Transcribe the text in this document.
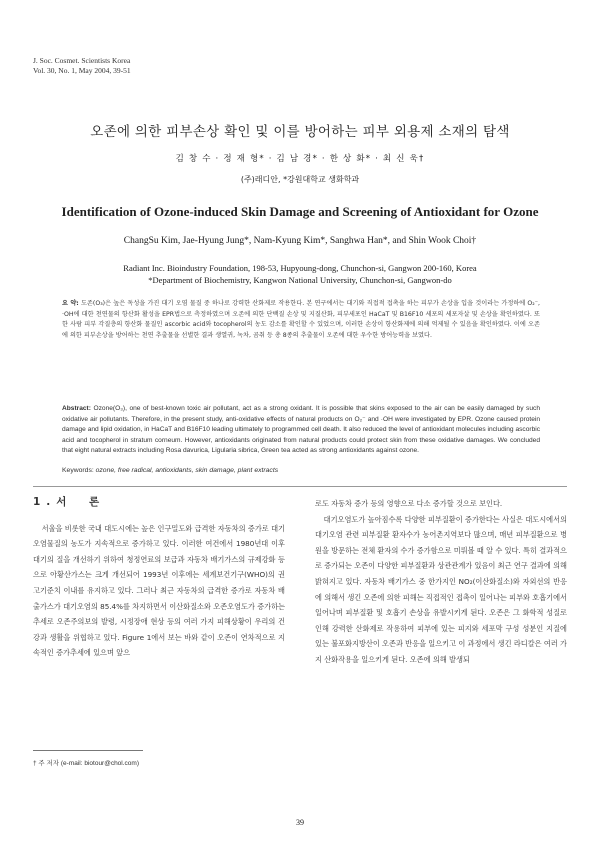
J. Soc. Cosmet. Scientists Korea
Vol. 30, No. 1, May 2004, 39-51
오존에 의한 피부손상 확인 및 이를 방어하는 피부 외용제 소재의 탐색
김 창 수 · 정 재 형* · 김 남 경* · 한 상 화* · 최 신 욱†
(주)래디안, *강원대학교 생화학과
Identification of Ozone-induced Skin Damage and Screening of Antioxidant for Ozone
ChangSu Kim, Jae-Hyung Jung*, Nam-Kyung Kim*, Sanghwa Han*, and Shin Wook Choi†
Radiant Inc. Bioindustry Foundation, 198-53, Hupyoung-dong, Chunchon-si, Gangwon 200-160, Korea
*Department of Biochemistry, Kangwon National University, Chunchon-si, Gangwon-do
요 약: 도존(O₃)은 높은 독성을 가진 대기 오염 물질 중 하나로 강력한 산화제로 작용한다. 본 연구에서는 대기와 직접적 접촉을 하는 피부가 손상을 입을 것이라는 가정하에 O₂⁻, ·OH에 대한 천연물의 항산화 활성을 EPR법으로 측정하였으며 오존에 의한 단백질 손상 및 지질산화, 피부세포인 HaCaT 및 B16F10 세포의 세포자살 및 손상을 확인하였다. 또한 사람 피부 각질층의 항산화 물질인 ascorbic acid와 tocopherol의 농도 감소를 확인할 수 있었으며, 이러한 손상이 항산화제에 의해 억제될 수 있음을 확인하였다. 이에 오존에 의한 피부손상을 방어하는 천연 추출물을 선별한 결과 생열귀, 녹차, 곰취 등 총 8종의 추출물이 오존에 대한 우수한 방어능력을 보였다.
Abstract: Ozone(O₃), one of best-known toxic air pollutant, act as a strong oxidant. It is possible that skins exposed to the air can be easily damaged by such oxidative air pollutants. Therefore, in the present study, anti-oxidative effects of natural products on O₂⁻ and ·OH were investigated by EPR. Ozone caused protein damage and lipid oxidation, in HaCaT and B16F10 leading ultimately to programmed cell death. It also reduced the level of antioxidant molecules including ascorbic acid and tocopherol in stratum corneum. However, antioxidants originated from natural products could protect skin from these oxidative damages. We concluded that eight natural extracts including Rosa davurica, Ligularia sibrica, Green tea acted as strong antioxidants against ozone.
Keywords: ozone, free radical, antioxidants, skin damage, plant extracts
1.서　론

서울을 비롯한 국내 대도시에는 높은 인구밀도와 급격한 자동차의 증가로 대기 오염물질의 농도가 지속적으로 증가하고 있다. 이러한 여건에서 1980년대 이후 대기의 질을 개선하기 위하여 청정연료의 보급과 자동차 배기가스의 규제강화 등으로 아황산가스는 크게 개선되어 1993년 이후에는 세계보건기구(WHO)의 권고기준치 이내를 유지하고 있다. 그러나 최근 자동차의 급격한 증가로 자동차 배출가스가 대기오염의 85.4%를 차지하면서 이산화질소와 오존오염도가 증가하는 추세로 오존주의보의 발령, 시정장애 현상 등의 여러 가지 피해상황이 우리의 건강과 생활을 위협하고 있다. Figure 1에서 보는 바와 같이 오존이 연차적으로 지속적인 증가추세에 있으며 앞으

로도 자동차 증가 등의 영향으로 다소 증가할 것으로 보인다.

대기오염도가 높아짐수록 다양한 피부질환이 증가한다는 사실은 대도시에서의 대기오염 관련 피부질환 환자수가 농어촌지역보다 많으며, 매년 피부질환으로 병원을 방문하는 전체 환자의 수가 증가함으로 미뤄볼 때 알 수 있다. 특히 결과적으로 증가되는 오존이 다양한 피부질환과 상관관계가 있음이 최근 연구 결과에 의해 밝혀지고 있다. 자동차 배기가스 중 한가지인 NO₂(이산화질소)와 자외선의 반응에 의해서 생긴 오존에 의한 피해는 직접적인 접촉이 일어나는 피부와 호흡기에서 일어나며 피부질환 및 호흡기 손상을 유발시키게 된다. 오존은 그 화학적 성질로 인해 강력한 산화제로 작용하여 피부에 있는 피지와 세포막 구성 성분인 지질에 있는 불포화지방산이 오존과 반응을 일으키고 이 과정에서 생긴 라디칼은 여러 가지 산화작용을 일으키게 된다. 오존에 의해 발생되

† 주 저자 (e-mail: biotour@chol.com)
39
